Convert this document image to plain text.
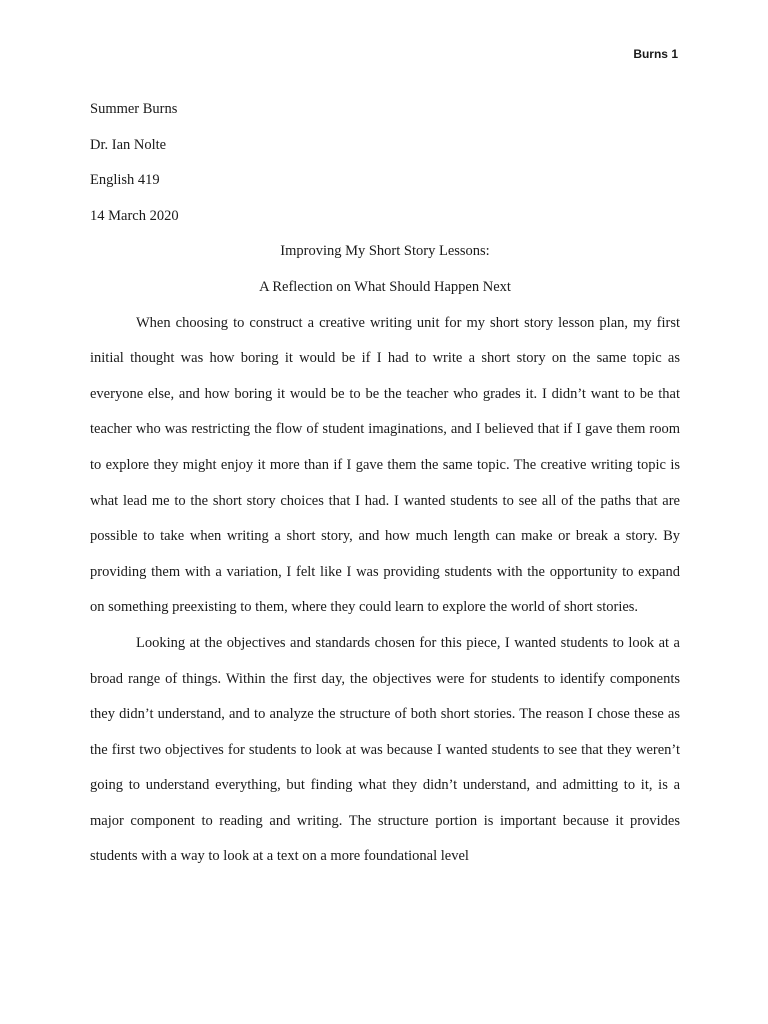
Burns 1

Summer Burns

Dr. Ian Nolte

English 419

14 March 2020

Improving My Short Story Lessons:

A Reflection on What Should Happen Next

When choosing to construct a creative writing unit for my short story lesson plan, my first initial thought was how boring it would be if I had to write a short story on the same topic as everyone else, and how boring it would be to be the teacher who grades it. I didn’t want to be that teacher who was restricting the flow of student imaginations, and I believed that if I gave them room to explore they might enjoy it more than if I gave them the same topic. The creative writing topic is what lead me to the short story choices that I had. I wanted students to see all of the paths that are possible to take when writing a short story, and how much length can make or break a story. By providing them with a variation, I felt like I was providing students with the opportunity to expand on something preexisting to them, where they could learn to explore the world of short stories.

Looking at the objectives and standards chosen for this piece, I wanted students to look at a broad range of things. Within the first day, the objectives were for students to identify components they didn’t understand, and to analyze the structure of both short stories. The reason I chose these as the first two objectives for students to look at was because I wanted students to see that they weren’t going to understand everything, but finding what they didn’t understand, and admitting to it, is a major component to reading and writing. The structure portion is important because it provides students with a way to look at a text on a more foundational level
